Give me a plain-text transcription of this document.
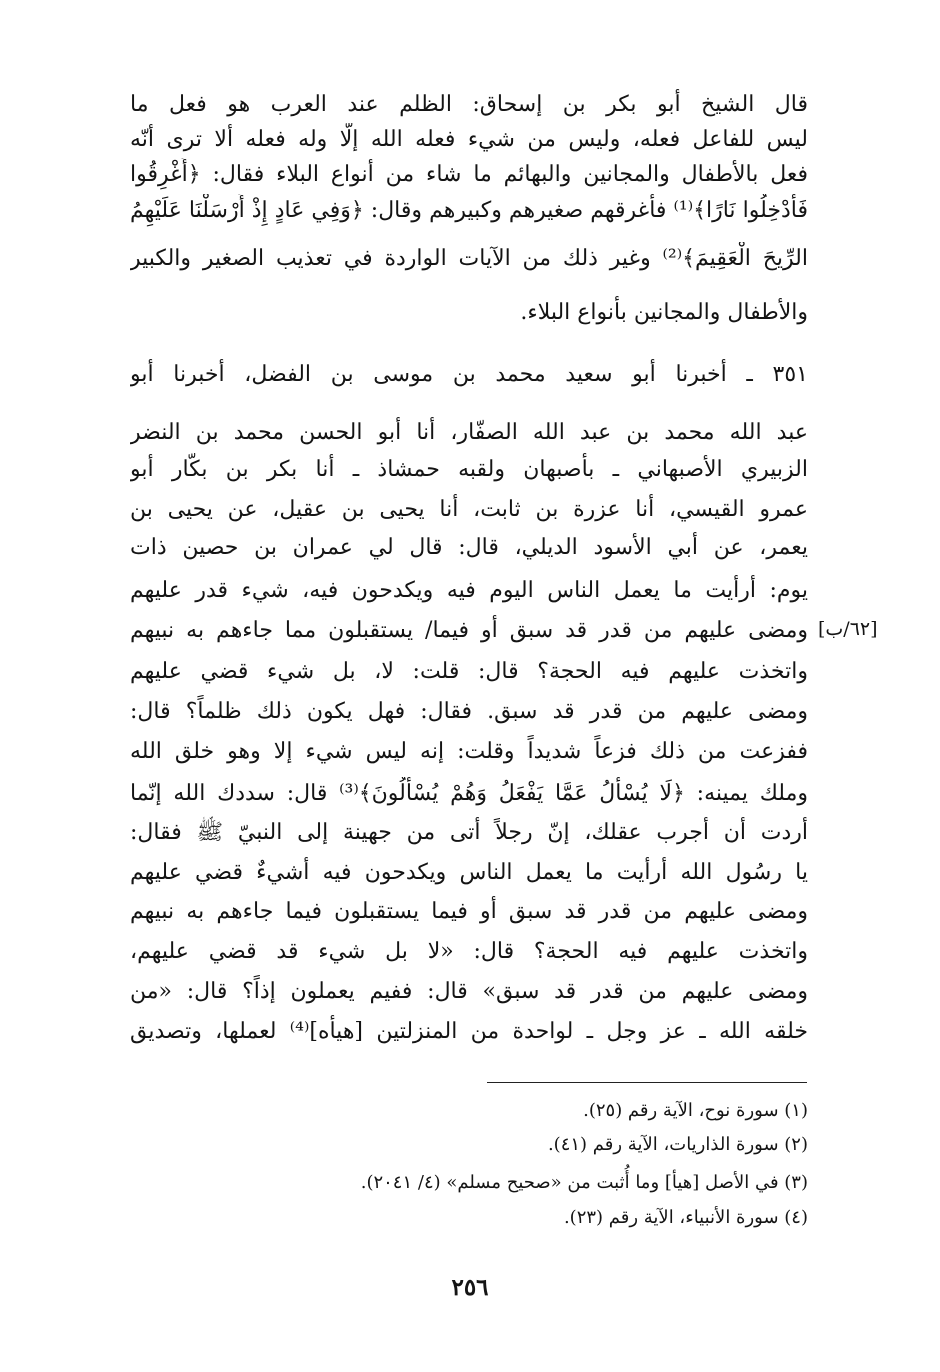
قال الشيخ أبو بكر بن إسحاق: الظلم عند العرب هو فعل ما
ليس للفاعل فعله، وليس من شيء فعله الله إلّا وله فعله ألا ترى أنّه
فعل بالأطفال والمجانين والبهائم ما شاء من أنواع البلاء فقال: ﴿أُغْرِقُوا
فَأُدْخِلُوا نَارًا﴾⁽¹⁾ فأغرقهم صغيرهم وكبيرهم وقال: ﴿وَفِي عَادٍ إِذْ أَرْسَلْنَا عَلَيْهِمُ
الرِّيحَ الْعَقِيمَ﴾⁽²⁾ وغير ذلك من الآيات الواردة في تعذيب الصغير والكبير
والأطفال والمجانين بأنواع البلاء.
٣٥١ ـ أخبرنا أبو سعيد محمد بن موسى بن الفضل، أخبرنا أبو
عبد الله محمد بن عبد الله الصفّار، أنا أبو الحسن محمد بن النضر
الزبيري الأصبهاني ـ بأصبهان ولقبه حمشاذ ـ أنا بكر بن بكّار أبو
عمرو القيسي، أنا عزرة بن ثابت، أنا يحيى بن عقيل، عن يحيى بن
يعمر، عن أبي الأسود الديلي، قال: قال لي عمران بن حصين ذات
يوم: أرأيت ما يعمل الناس اليوم فيه ويكدحون فيه، شيء قدر عليهم
ومضى عليهم من قدر قد سبق أو فيما/ يستقبلون مما جاءهم به نبيهم
واتخذت عليهم فيه الحجة؟ قال: قلت: لا، بل شيء قضي عليهم
ومضى عليهم من قدر قد سبق. فقال: فهل يكون ذلك ظلماً؟ قال:
ففزعت من ذلك فزعاً شديداً وقلت: إنه ليس شيء إلا وهو خلق الله
وملك يمينه: ﴿لَا يُسْأَلُ عَمَّا يَفْعَلُ وَهُمْ يُسْأَلُونَ﴾⁽³⁾ قال: سددك الله إنّما
أردت أن أجرب عقلك، إنّ رجلاً أتى من جهينة إلى النبيّ ﷺ فقال:
يا رسُول الله أرأيت ما يعمل الناس ويكدحون فيه أشيءٌ قضي عليهم
ومضى عليهم من قدر قد سبق أو فيما يستقبلون فيما جاءهم به نبيهم
واتخذت عليهم فيه الحجة؟ قال: «لا بل شيء قد قضي عليهم،
ومضى عليهم من قدر قد سبق» قال: ففيم يعملون إذاً؟ قال: «من
خلقه الله ـ عز وجل ـ لواحدة من المنزلتين [هيأه]⁽⁴⁾ لعملها، وتصديق
[٦٢/ب]
(١) سورة نوح، الآية رقم (٢٥).
(٢) سورة الذاريات، الآية رقم (٤١).
(٣) في الأصل [هيأ] وما أُثبت من «صحيح مسلم» (٤/ ٢٠٤١).
(٤) سورة الأنبياء، الآية رقم (٢٣).
٢٥٦
